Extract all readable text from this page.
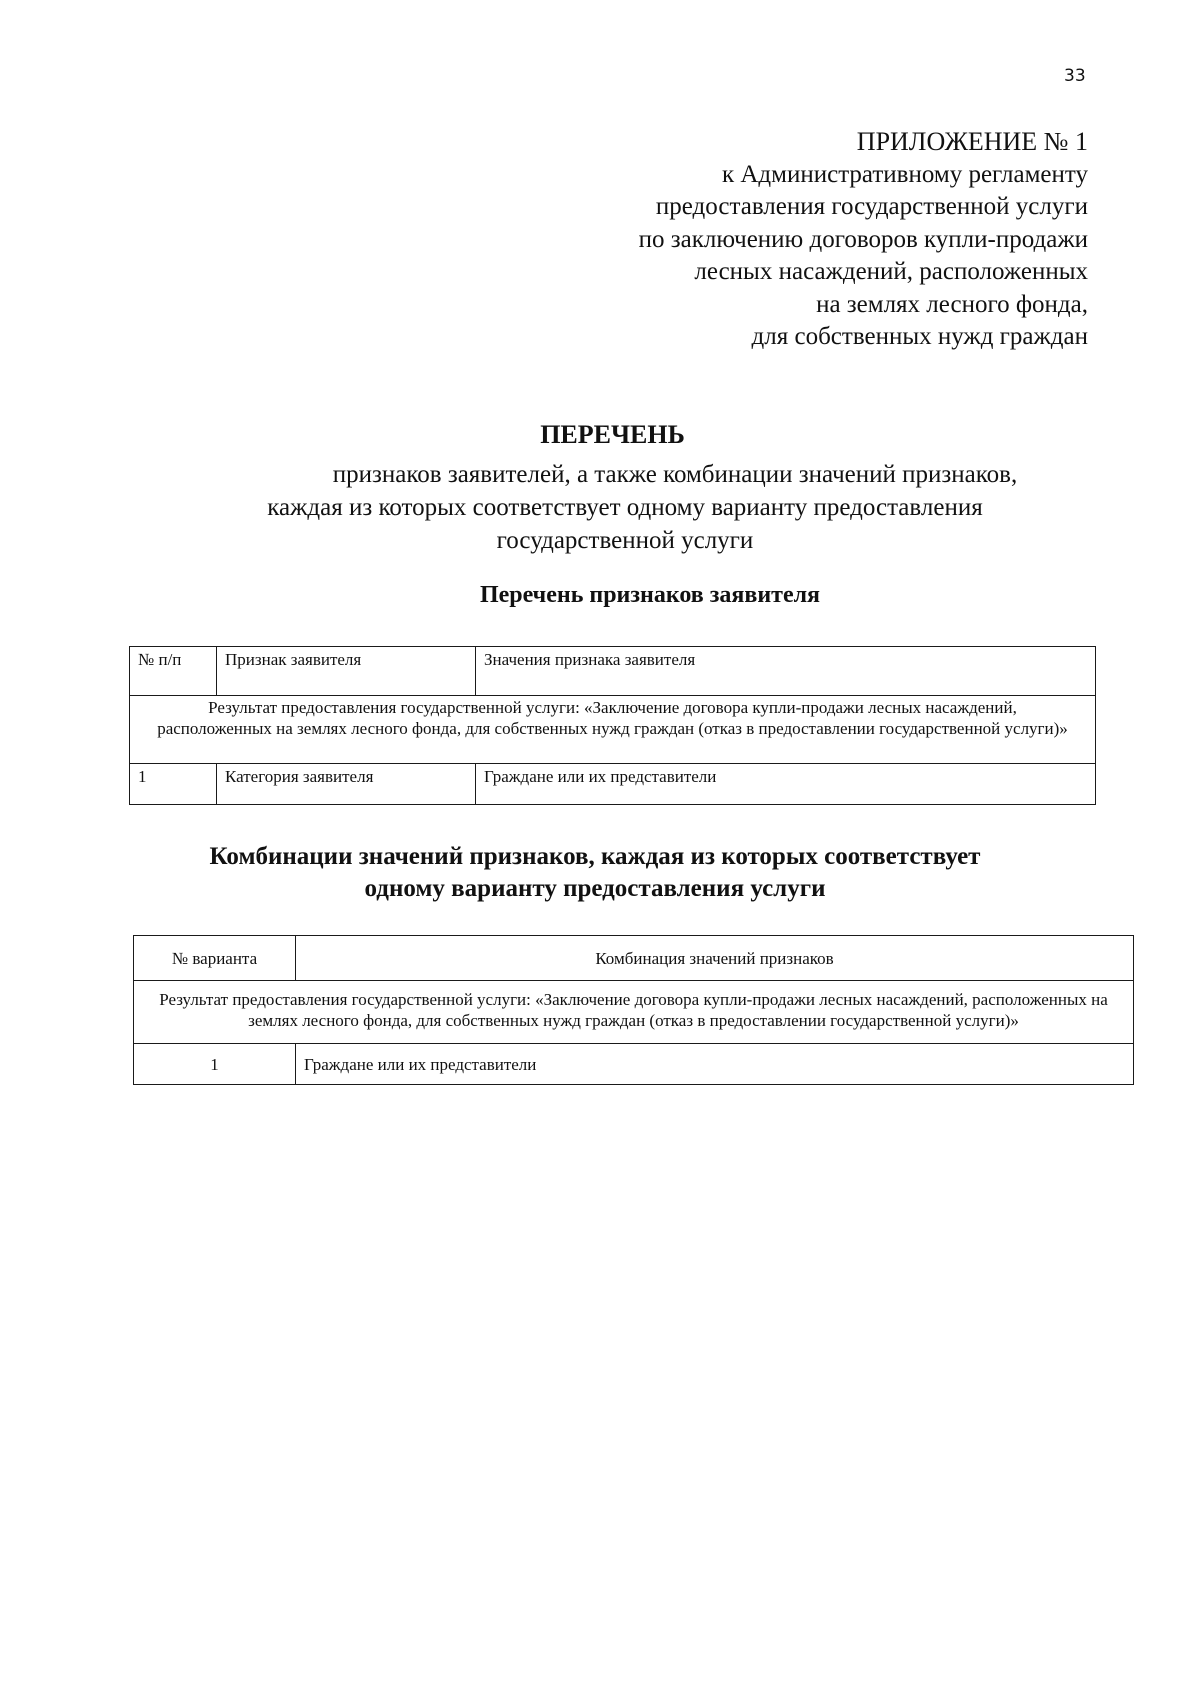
33
ПРИЛОЖЕНИЕ № 1
к Административному регламенту
предоставления государственной услуги
по заключению договоров купли-продажи
лесных насаждений, расположенных
на землях лесного фонда,
для собственных нужд граждан
ПЕРЕЧЕНЬ
признаков заявителей, а также комбинации значений признаков,
каждая из которых соответствует одному варианту предоставления
государственной услуги
Перечень признаков заявителя
№ п/п	Признак заявителя	Значения признака заявителя
Результат предоставления государственной услуги: «Заключение договора купли-продажи лесных насаждений, расположенных на землях лесного фонда, для собственных нужд граждан (отказ в предоставлении государственной услуги)»		
1	Категория заявителя	Граждане или их представители
Комбинации значений признаков, каждая из которых соответствует
одному варианту предоставления услуги
№ варианта	Комбинация значений признаков
Результат предоставления государственной услуги: «Заключение договора купли-продажи лесных насаждений, расположенных на землях лесного фонда, для собственных нужд граждан (отказ в предоставлении государственной услуги)»	
1	Граждане или их представители
